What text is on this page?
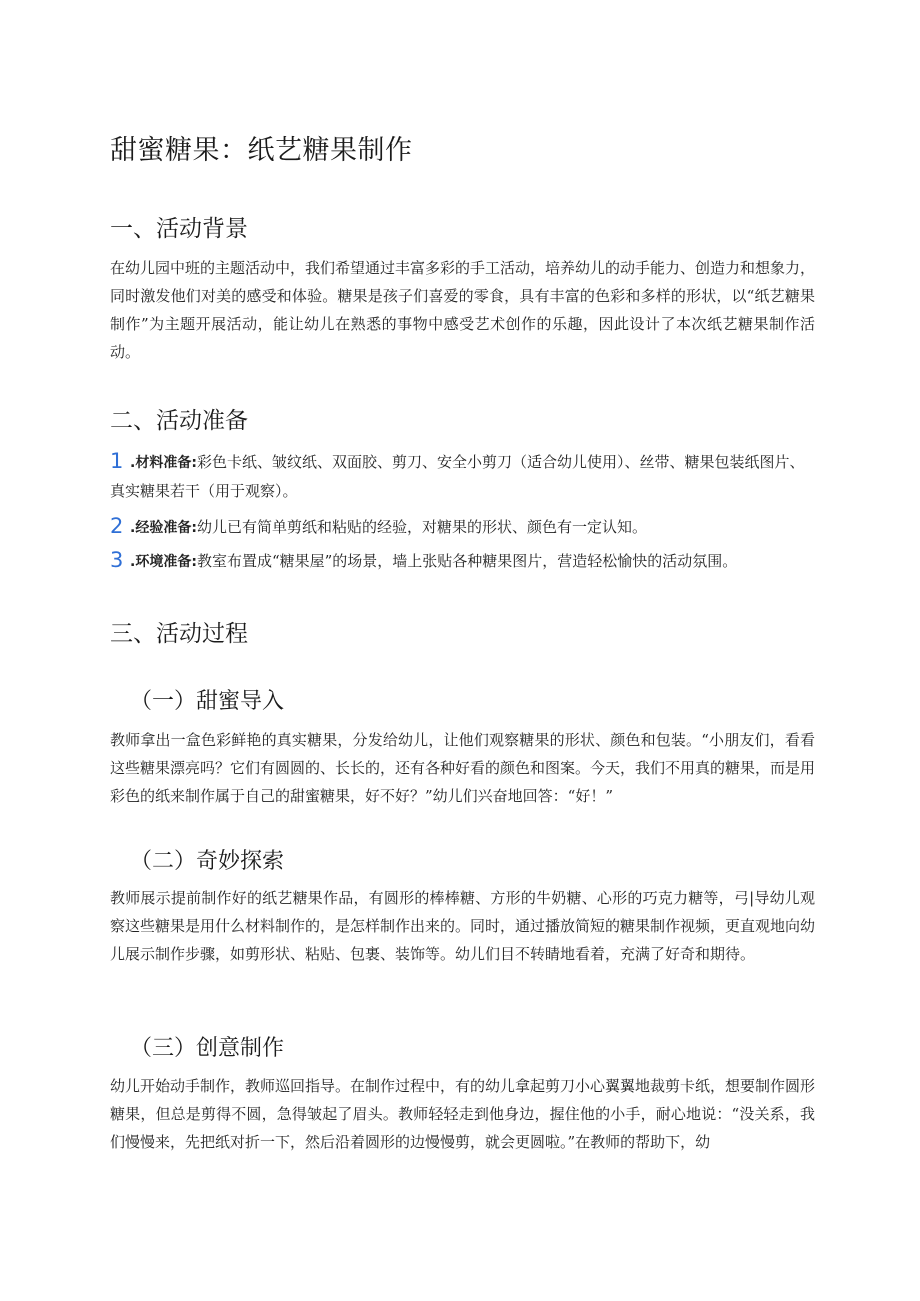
甜蜜糖果：纸艺糖果制作
一、活动背景

在幼儿园中班的主题活动中，我们希望通过丰富多彩的手工活动，培养幼儿的动手能力、创造力和想象力，同时激发他们对美的感受和体验。糖果是孩子们喜爱的零食，具有丰富的色彩和多样的形状，以“纸艺糖果制作”为主题开展活动，能让幼儿在熟悉的事物中感受艺术创作的乐趣，因此设计了本次纸艺糖果制作活动。

二、活动准备
1 .材料准备:彩色卡纸、皱纹纸、双面胶、剪刀、安全小剪刀（适合幼儿使用）、丝带、糖果包装纸图片、真实糖果若干（用于观察）。
2 .经验准备:幼儿已有简单剪纸和粘贴的经验，对糖果的形状、颜色有一定认知。
3 .环境准备:教室布置成“糖果屋”的场景，墙上张贴各种糖果图片，营造轻松愉快的活动氛围。
三、活动过程
（一）甜蜜导入

教师拿出一盒色彩鲜艳的真实糖果，分发给幼儿，让他们观察糖果的形状、颜色和包装。“小朋友们，看看这些糖果漂亮吗？它们有圆圆的、长长的，还有各种好看的颜色和图案。今天，我们不用真的糖果，而是用彩色的纸来制作属于自己的甜蜜糖果，好不好？”幼儿们兴奋地回答：“好！”

（二）奇妙探索

教师展示提前制作好的纸艺糖果作品，有圆形的棒棒糖、方形的牛奶糖、心形的巧克力糖等，弓|导幼儿观察这些糖果是用什么材料制作的，是怎样制作出来的。同时，通过播放简短的糖果制作视频，更直观地向幼儿展示制作步骤，如剪形状、粘贴、包裹、装饰等。幼儿们目不转睛地看着，充满了好奇和期待。

（三）创意制作

幼儿开始动手制作，教师巡回指导。在制作过程中，有的幼儿拿起剪刀小心翼翼地裁剪卡纸，想要制作圆形糖果，但总是剪得不圆，急得皱起了眉头。教师轻轻走到他身边，握住他的小手，耐心地说：“没关系，我们慢慢来，先把纸对折一下，然后沿着圆形的边慢慢剪，就会更圆啦。”在教师的帮助下，幼
